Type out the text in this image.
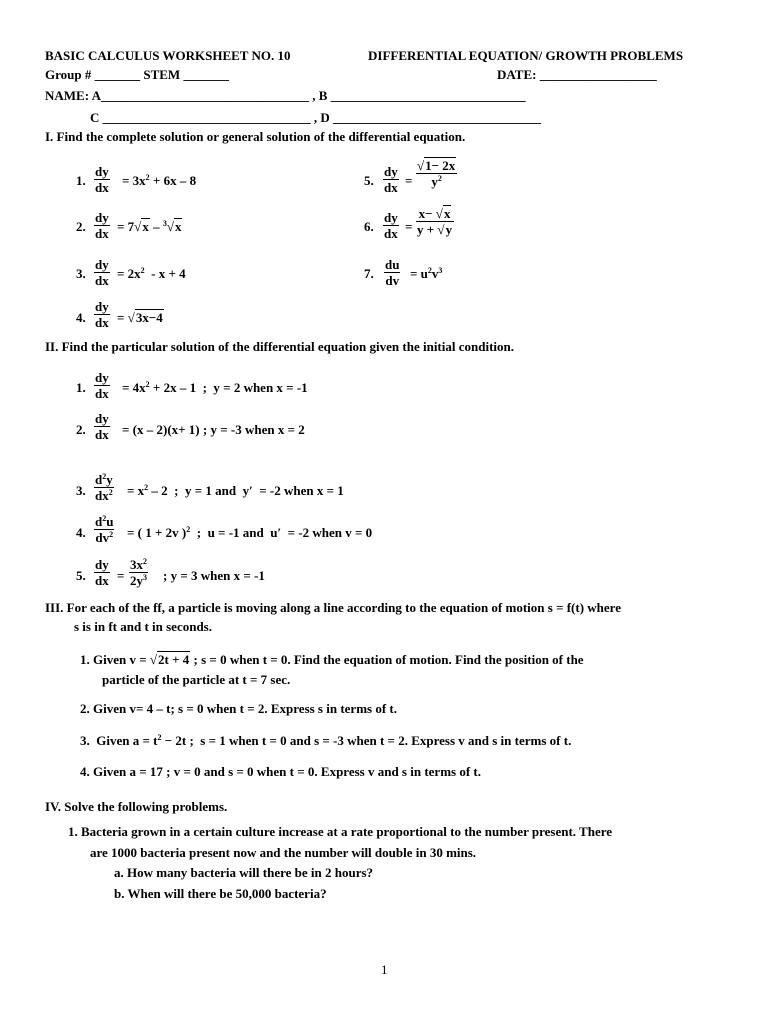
BASIC CALCULUS WORKSHEET NO. 10	DIFFERENTIAL EQUATION/ GROWTH PROBLEMS
Group # _______ STEM _______	DATE: __________________
NAME: A________________________________ , B ______________________________
C ________________________________ , D ________________________________
I. Find the complete solution or general solution of the differential equation.
1. $\frac{dy}{dx} = 3x^2 + 6x - 8$
2. $\frac{dy}{dx} = 7√x - ^3√x$
3. $\frac{dy}{dx} = 2x^2 - x + 4$
4. $\frac{dy}{dx} = √3x-4$
5. $\frac{dy}{dx} = \frac{√1- 2x}{y^2}$
6. $\frac{dy}{dx} = \frac{x- √x}{y + √y}$
7. $\frac{du}{dv} = u^2v^3$
II. Find the particular solution of the differential equation given the initial condition.
1. $\frac{dy}{dx} = 4x^2 + 2x - 1$  ;  y = 2 when x = -1
2. $\frac{dy}{dx} = (x - 2)(x+ 1)$ ; y = -3 when x = 2
3. $\frac{d^2y}{dx^2} = x^2 - 2$  ;  y = 1 and  y′  = -2 when x = 1
4. $\frac{d^2u}{dv^2}$ = ( 1 + 2v )$^2$  ;  u = -1 and  u′  = -2 when v = 0
5. $\frac{dy}{dx} = \frac{3x^2}{2y^3}$ ; y = 3 when x = -1
III. For each of the ff, a particle is moving along a line according to the equation of motion s = f(t) where
s is in ft and t in seconds.
1. Given v = √2t + 4 ; s = 0 when t = 0. Find the equation of motion. Find the position of the
particle of the particle at t = 7 sec.
2. Given v= 4 – t; s = 0 when t = 2. Express s in terms of t.
3.  Given $a = t^2 - 2t$ ;  s = 1 when t = 0 and s = -3 when t = 2. Express v and s in terms of t.
4. Given a = 17 ; v = 0 and s = 0 when t = 0. Express v and s in terms of t.
IV. Solve the following problems.
1. Bacteria grown in a certain culture increase at a rate proportional to the number present. There
are 1000 bacteria present now and the number will double in 30 mins.
a. How many bacteria will there be in 2 hours?
b. When will there be 50,000 bacteria?
1
